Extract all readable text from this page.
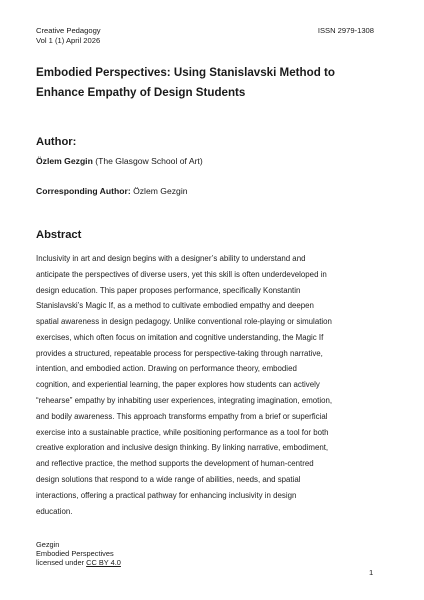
Creative Pedagogy
Vol 1 (1) April 2026
ISSN 2979-1308
Embodied Perspectives: Using Stanislavski Method to
Enhance Empathy of Design Students
Author:
Özlem Gezgin (The Glasgow School of Art)
Corresponding Author: Özlem Gezgin
Abstract
Inclusivity in art and design begins with a designer’s ability to understand and
anticipate the perspectives of diverse users, yet this skill is often underdeveloped in
design education. This paper proposes performance, specifically Konstantin
Stanislavski’s Magic If, as a method to cultivate embodied empathy and deepen
spatial awareness in design pedagogy. Unlike conventional role-playing or simulation
exercises, which often focus on imitation and cognitive understanding, the Magic If
provides a structured, repeatable process for perspective-taking through narrative,
intention, and embodied action. Drawing on performance theory, embodied
cognition, and experiential learning, the paper explores how students can actively
“rehearse” empathy by inhabiting user experiences, integrating imagination, emotion,
and bodily awareness. This approach transforms empathy from a brief or superficial
exercise into a sustainable practice, while positioning performance as a tool for both
creative exploration and inclusive design thinking. By linking narrative, embodiment,
and reflective practice, the method supports the development of human-centred
design solutions that respond to a wide range of abilities, needs, and spatial
interactions, offering a practical pathway for enhancing inclusivity in design
education.
Gezgin
Embodied Perspectives
licensed under CC BY 4.0
1
